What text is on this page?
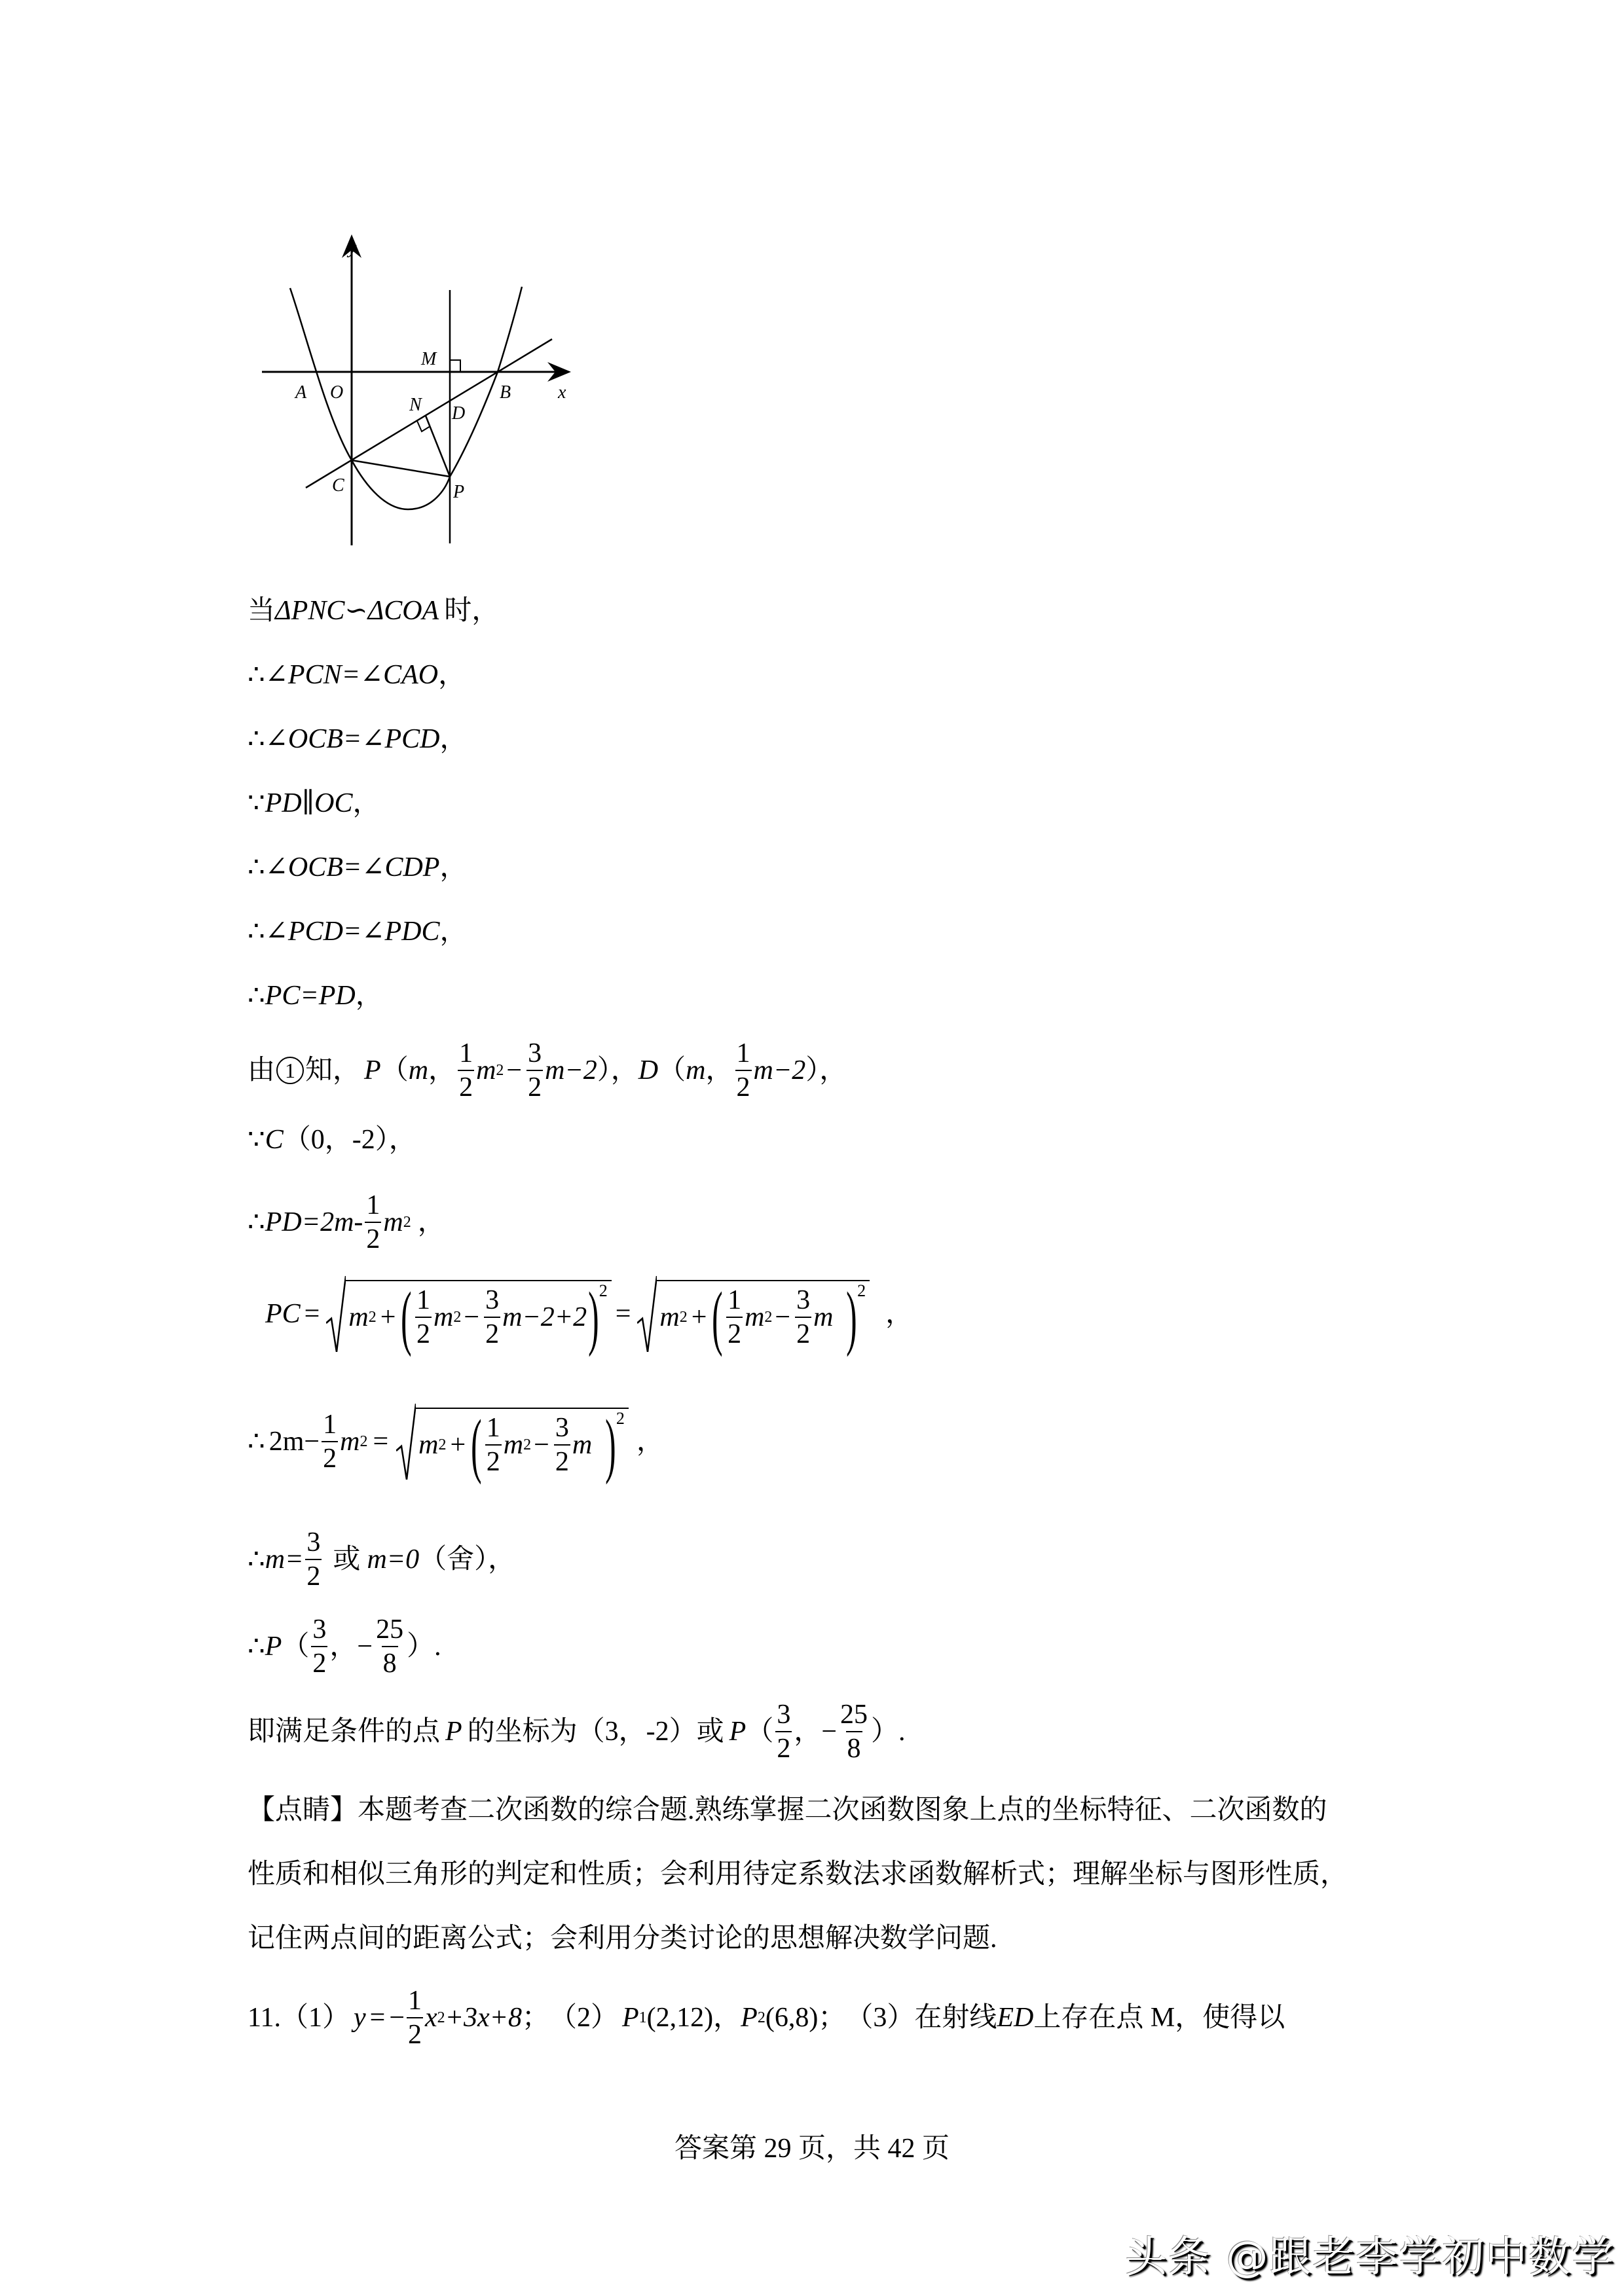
y
x
A O	B
C	P
M
N D
当 ΔPNC ∽ ΔCOA 时，
∴ ∠PCN=∠CAO ，
∴ ∠OCB=∠PCD ，
∵ PD∥OC ，
∴ ∠OCB=∠CDP ，
∴ ∠PCD=∠PDC ，
∴ PC=PD ，
由 1 知， P （ m ， $\frac{1}{2}$ m $2 - \frac{3}{2} m-2$ ）， D （ m ， $\frac{1}{2} m-2$ ），
∵ C （0，-2），
∴ $PD=2m- \frac{1}{2}$ m 2 ，
PC = m 2 + ( $\frac{1}{2}$ m $2 - \frac{3}{2} m-2+2$ ) 2
= m 2 + ( $\frac{1}{2}$ m $2 - \frac{3}{2}$ m ) 2
，
∴ $2m- \frac{1}{2}$ m 2 = m 2 + ( $\frac{1}{2}$ m $2 - \frac{3}{2}$ m ) 2
，
∴ $m= \frac{3}{2}$ 或 m=0 （舍），
∴ P （ $\frac{3}{2}$ ， − $\frac{25}{8}$ ）.
即满足条件的点 P 的坐标为（3，-2）或 P （ $\frac{3}{2}$ ， − $\frac{25}{8}$ ）.
【点睛】本题考查二次函数的综合题.熟练掌握二次函数图象上点的坐标特征、二次函数的
性质和相似三角形的判定和性质；会利用待定系数法求函数解析式；理解坐标与图形性质，
记住两点间的距离公式；会利用分类讨论的思想解决数学问题.
11. （1） y = − $\frac{1}{2}$ x 2 +3x+8 ； （2） P 1 (2,12) ， P 2 (6,8) ； （3）在射线 ED 上存在点 M，使得以
答案第 29 页，共 42 页
头条 @跟老李学初中数学
